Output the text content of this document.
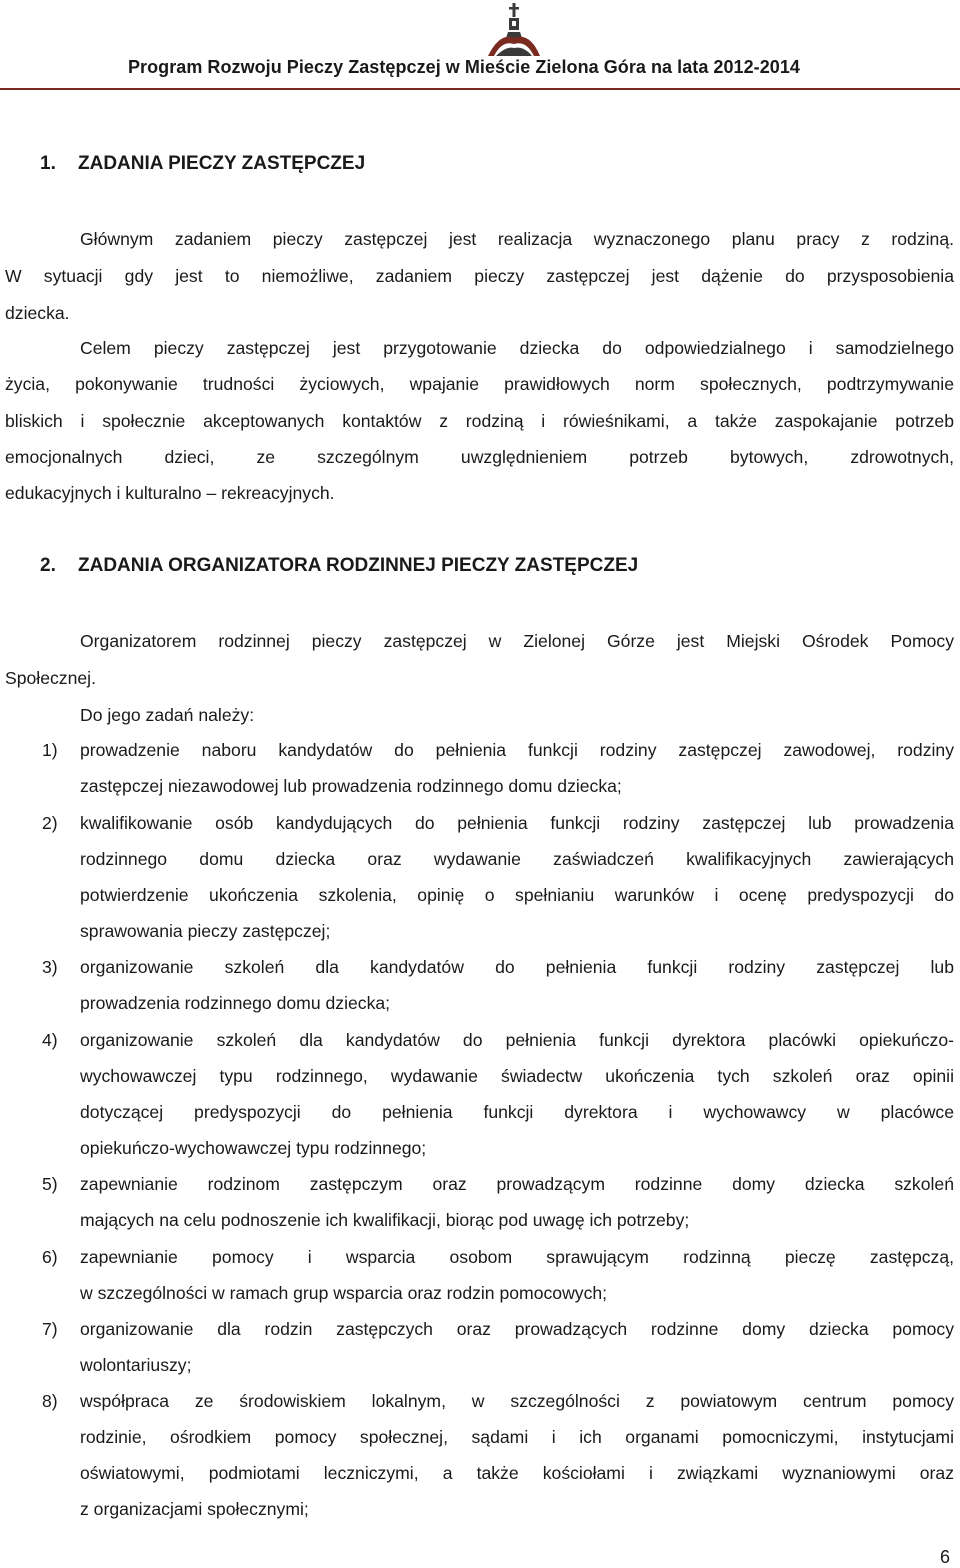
Program Rozwoju Pieczy Zastępczej w Mieście Zielona Góra na lata 2012-2014
1. ZADANIA PIECZY ZASTĘPCZEJ
Głównym zadaniem pieczy zastępczej jest realizacja wyznaczonego planu pracy z rodziną.
W sytuacji gdy jest to niemożliwe, zadaniem pieczy zastępczej jest dążenie do przysposobienia
dziecka.
Celem pieczy zastępczej jest przygotowanie dziecka do odpowiedzialnego i samodzielnego
życia, pokonywanie trudności życiowych, wpajanie prawidłowych norm społecznych, podtrzymywanie
bliskich i społecznie akceptowanych kontaktów z rodziną i rówieśnikami, a także zaspokajanie potrzeb
emocjonalnych dzieci, ze szczególnym uwzględnieniem potrzeb bytowych, zdrowotnych,
edukacyjnych i kulturalno – rekreacyjnych.
2. ZADANIA ORGANIZATORA RODZINNEJ PIECZY ZASTĘPCZEJ
Organizatorem rodzinnej pieczy zastępczej w Zielonej Górze jest Miejski Ośrodek Pomocy
Społecznej.
Do jego zadań należy:
1) prowadzenie naboru kandydatów do pełnienia funkcji rodziny zastępczej zawodowej, rodziny
zastępczej niezawodowej lub prowadzenia rodzinnego domu dziecka;
2) kwalifikowanie osób kandydujących do pełnienia funkcji rodziny zastępczej lub prowadzenia
rodzinnego domu dziecka oraz wydawanie zaświadczeń kwalifikacyjnych zawierających
potwierdzenie ukończenia szkolenia, opinię o spełnianiu warunków i ocenę predyspozycji do
sprawowania pieczy zastępczej;
3) organizowanie szkoleń dla kandydatów do pełnienia funkcji rodziny zastępczej lub
prowadzenia rodzinnego domu dziecka;
4) organizowanie szkoleń dla kandydatów do pełnienia funkcji dyrektora placówki opiekuńczo-
wychowawczej typu rodzinnego, wydawanie świadectw ukończenia tych szkoleń oraz opinii
dotyczącej predyspozycji do pełnienia funkcji dyrektora i wychowawcy w placówce
opiekuńczo-wychowawczej typu rodzinnego;
5) zapewnianie rodzinom zastępczym oraz prowadzącym rodzinne domy dziecka szkoleń
mających na celu podnoszenie ich kwalifikacji, biorąc pod uwagę ich potrzeby;
6) zapewnianie pomocy i wsparcia osobom sprawującym rodzinną pieczę zastępczą,
w szczególności w ramach grup wsparcia oraz rodzin pomocowych;
7) organizowanie dla rodzin zastępczych oraz prowadzących rodzinne domy dziecka pomocy
wolontariuszy;
8) współpraca ze środowiskiem lokalnym, w szczególności z powiatowym centrum pomocy
rodzinie, ośrodkiem pomocy społecznej, sądami i ich organami pomocniczymi, instytucjami
oświatowymi, podmiotami leczniczymi, a także kościołami i związkami wyznaniowymi oraz
z organizacjami społecznymi;
6
